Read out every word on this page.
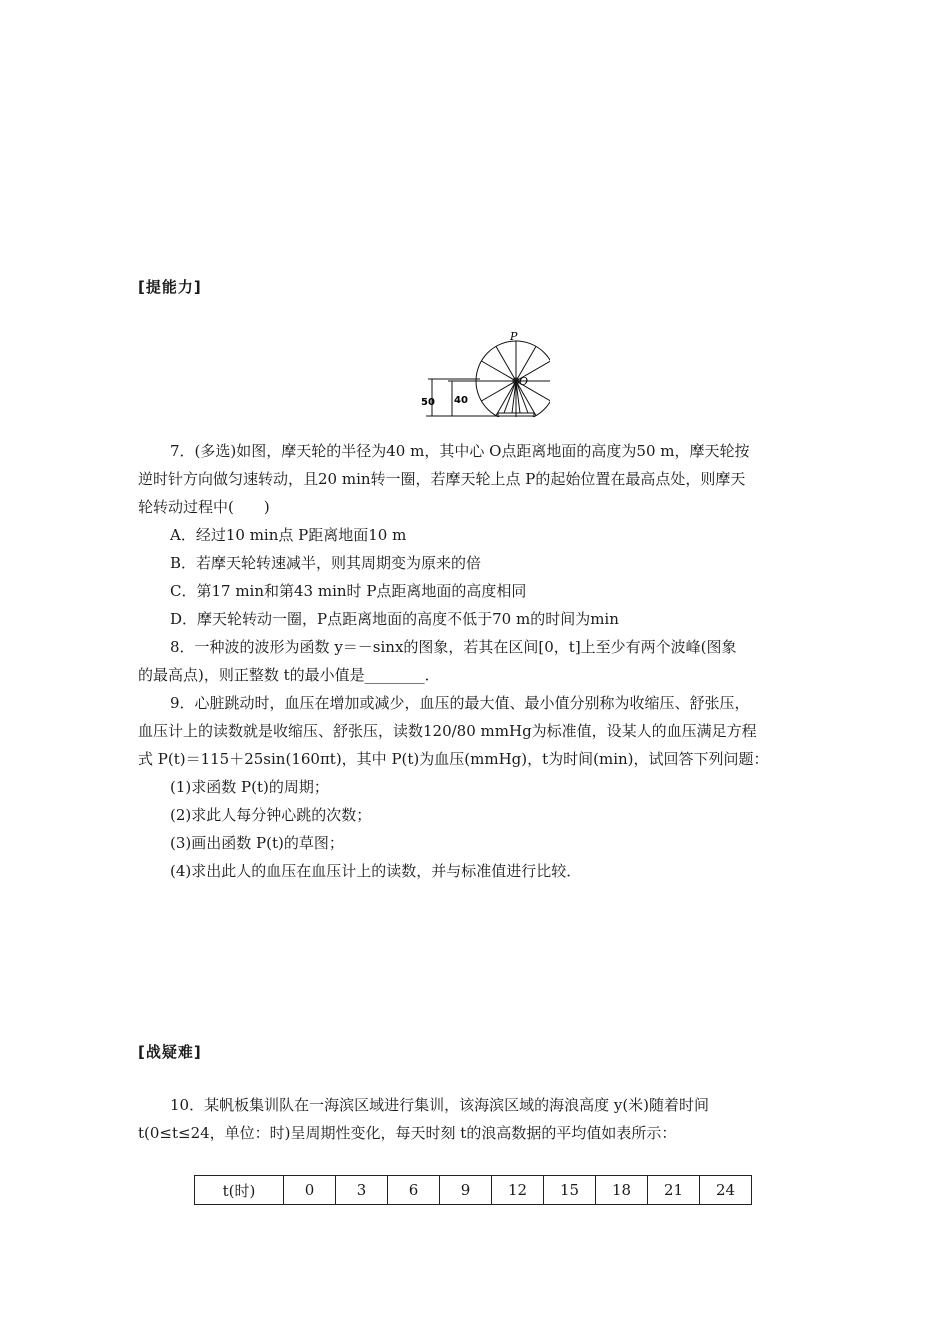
[提能力]
P
O
50 40
7．(多选)如图，摩天轮的半径为40 m，其中心 O点距离地面的高度为50 m，摩天轮按
逆时针方向做匀速转动，且20 min转一圈，若摩天轮上点 P的起始位置在最高点处，则摩天
轮转动过程中(　　)
A．经过10 min点 P距离地面10 m
B．若摩天轮转速减半，则其周期变为原来的倍
C．第17 min和第43 min时 P点距离地面的高度相同
D．摩天轮转动一圈，P点距离地面的高度不低于70 m的时间为min
8．一种波的波形为函数 y＝－sinx的图象，若其在区间[0，t]上至少有两个波峰(图象
的最高点)，则正整数 t的最小值是________．
9．心脏跳动时，血压在增加或减少，血压的最大值、最小值分别称为收缩压、舒张压，
血压计上的读数就是收缩压、舒张压，读数120/80 mmHg为标准值，设某人的血压满足方程
式 P(t)＝115＋25sin(160πt)，其中 P(t)为血压(mmHg)，t为时间(min)，试回答下列问题：
(1)求函数 P(t)的周期；
(2)求此人每分钟心跳的次数；
(3)画出函数 P(t)的草图；
(4)求出此人的血压在血压计上的读数，并与标准值进行比较．
[战疑难]
10．某帆板集训队在一海滨区域进行集训，该海滨区域的海浪高度 y(米)随着时间
t(0≤t≤24，单位：时)呈周期性变化，每天时刻 t的浪高数据的平均值如表所示：
t(时)	0	3	6	9	12	15	18	21	24
